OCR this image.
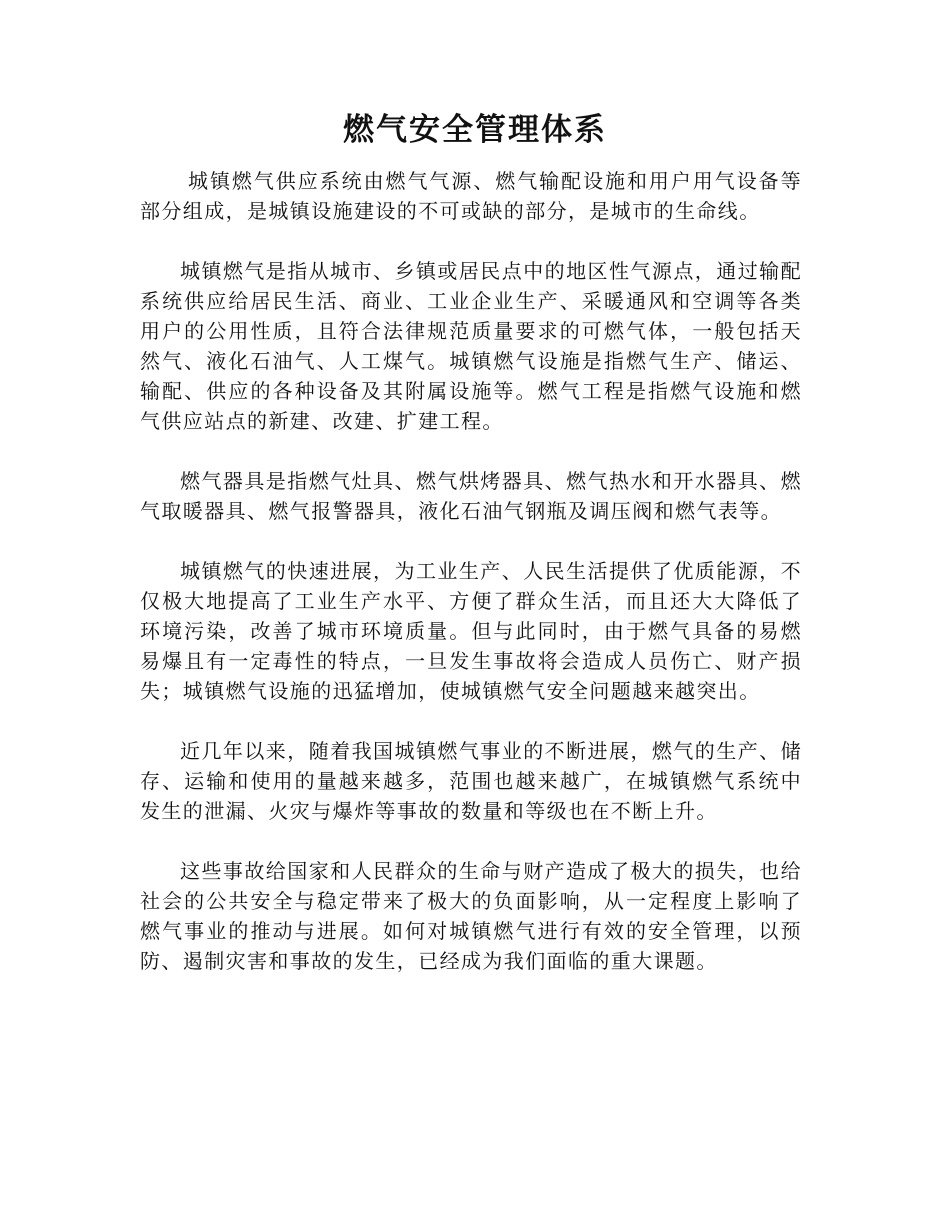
燃气安全管理体系

城镇燃气供应系统由燃气气源、燃气输配设施和用户用气设备等部分组成，是城镇设施建设的不可或缺的部分，是城市的生命线。

城镇燃气是指从城市、乡镇或居民点中的地区性气源点，通过输配系统供应给居民生活、商业、工业企业生产、采暖通风和空调等各类用户的公用性质，且符合法律规范质量要求的可燃气体，一般包括天然气、液化石油气、人工煤气。城镇燃气设施是指燃气生产、储运、输配、供应的各种设备及其附属设施等。燃气工程是指燃气设施和燃气供应站点的新建、改建、扩建工程。

燃气器具是指燃气灶具、燃气烘烤器具、燃气热水和开水器具、燃气取暖器具、燃气报警器具，液化石油气钢瓶及调压阀和燃气表等。

城镇燃气的快速进展，为工业生产、人民生活提供了优质能源，不仅极大地提高了工业生产水平、方便了群众生活，而且还大大降低了环境污染，改善了城市环境质量。但与此同时，由于燃气具备的易燃易爆且有一定毒性的特点，一旦发生事故将会造成人员伤亡、财产损失；城镇燃气设施的迅猛增加，使城镇燃气安全问题越来越突出。

近几年以来，随着我国城镇燃气事业的不断进展，燃气的生产、储存、运输和使用的量越来越多，范围也越来越广，在城镇燃气系统中发生的泄漏、火灾与爆炸等事故的数量和等级也在不断上升。

这些事故给国家和人民群众的生命与财产造成了极大的损失，也给社会的公共安全与稳定带来了极大的负面影响，从一定程度上影响了燃气事业的推动与进展。如何对城镇燃气进行有效的安全管理，以预防、遏制灾害和事故的发生，已经成为我们面临的重大课题。
